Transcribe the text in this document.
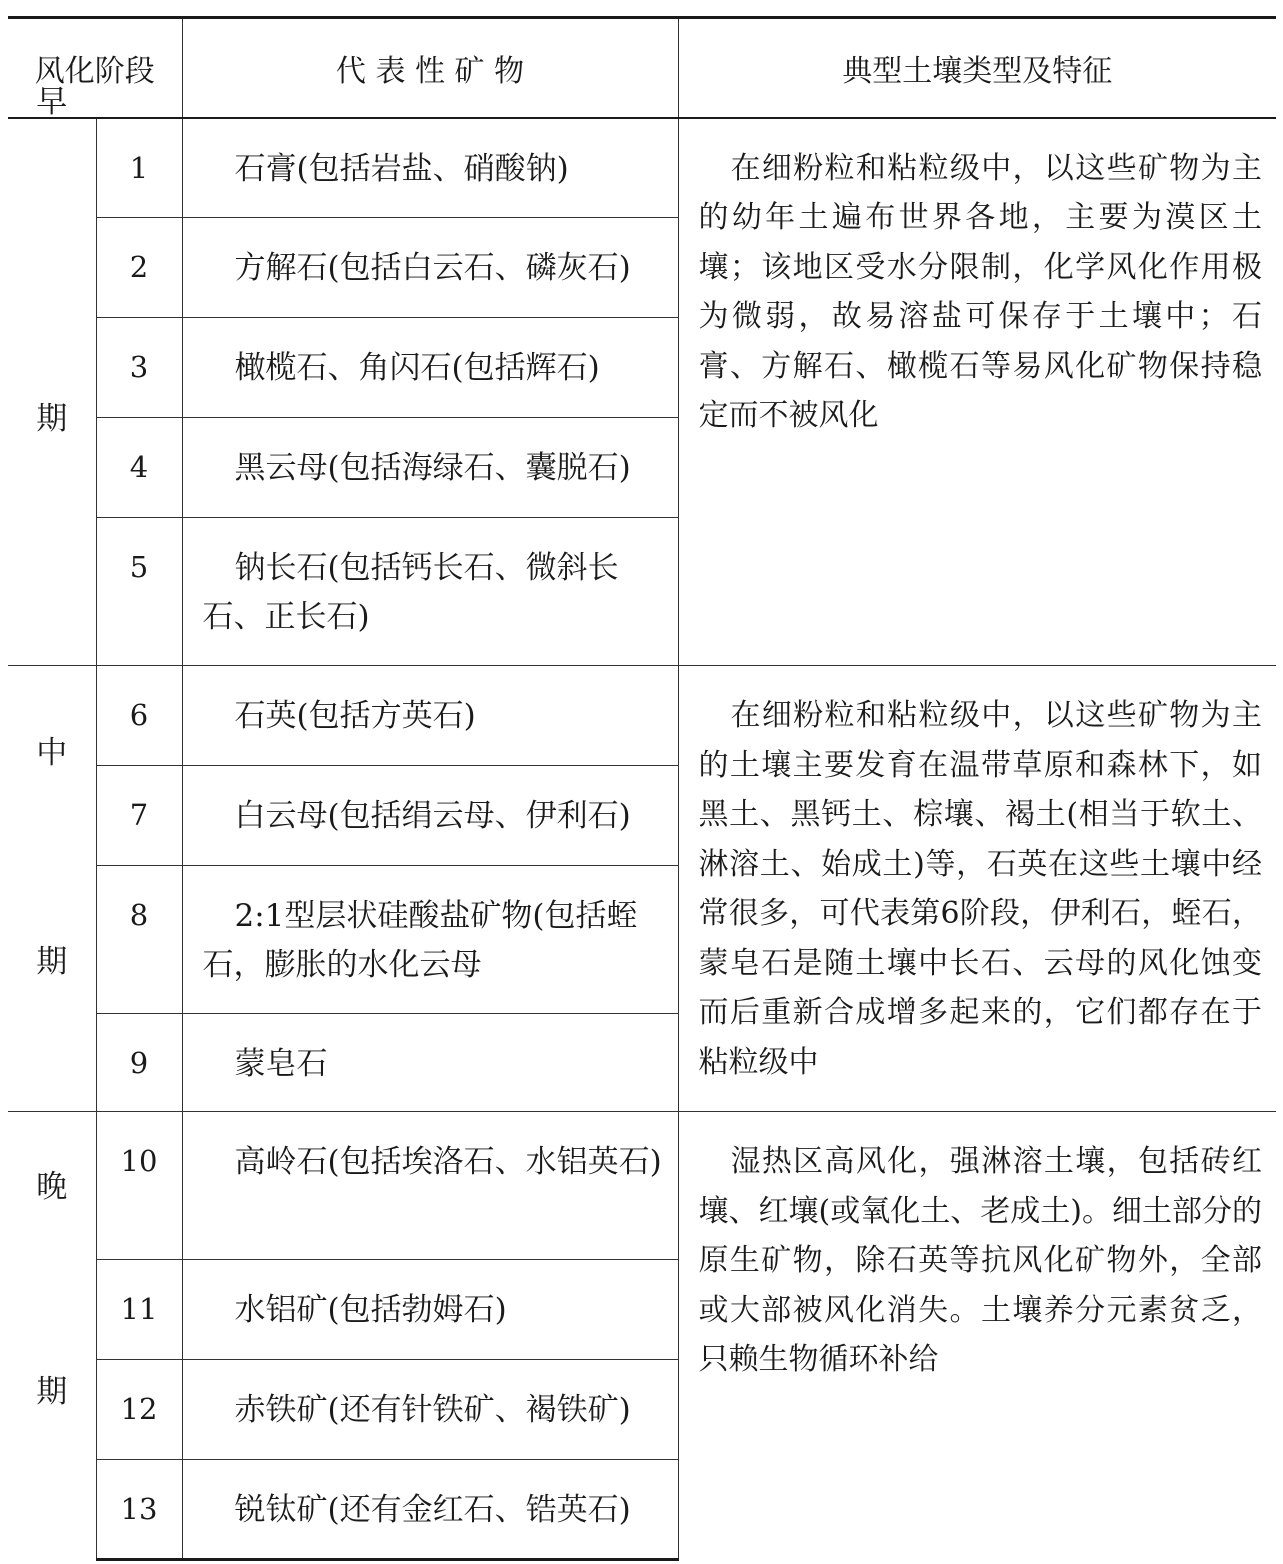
风化阶段		代 表 性 矿 物	典型土壤类型及特征

早
期	1	石膏(包括岩盐、硝酸钠)	在细粉粒和粘粒级中，以这些矿物为主的幼年土遍布世界各地，主要为漠区土壤；该地区受水分限制，化学风化作用极为微弱，故易溶盐可保存于土壤中；石膏、方解石、橄榄石等易风化矿物保持稳定而不被风化

	2	方解石(包括白云石、磷灰石)	

	3	橄榄石、角闪石(包括辉石)	

	4	黑云母(包括海绿石、囊脱石)	

	5	钠长石(包括钙长石、微斜长石、正长石)	

中
期	6	石英(包括方英石)	在细粉粒和粘粒级中，以这些矿物为主的土壤主要发育在温带草原和森林下，如黑土、黑钙土、棕壤、褐土(相当于软土、淋溶土、始成土)等，石英在这些土壤中经常很多，可代表第6阶段，伊利石，蛭石，蒙皂石是随土壤中长石、云母的风化蚀变而后重新合成增多起来的，它们都存在于粘粒级中

	7	白云母(包括绢云母、伊利石)	

	8	2:1型层状硅酸盐矿物(包括蛭石，膨胀的水化云母	

	9	蒙皂石	

晚
期	10	高岭石(包括埃洛石、水铝英石)	湿热区高风化，强淋溶土壤，包括砖红壤、红壤(或氧化土、老成土)。细土部分的原生矿物，除石英等抗风化矿物外，全部或大部被风化消失。土壤养分元素贫乏，只赖生物循环补给

	11	水铝矿(包括勃姆石)	

	12	赤铁矿(还有针铁矿、褐铁矿)	

	13	锐钛矿(还有金红石、锆英石)	
